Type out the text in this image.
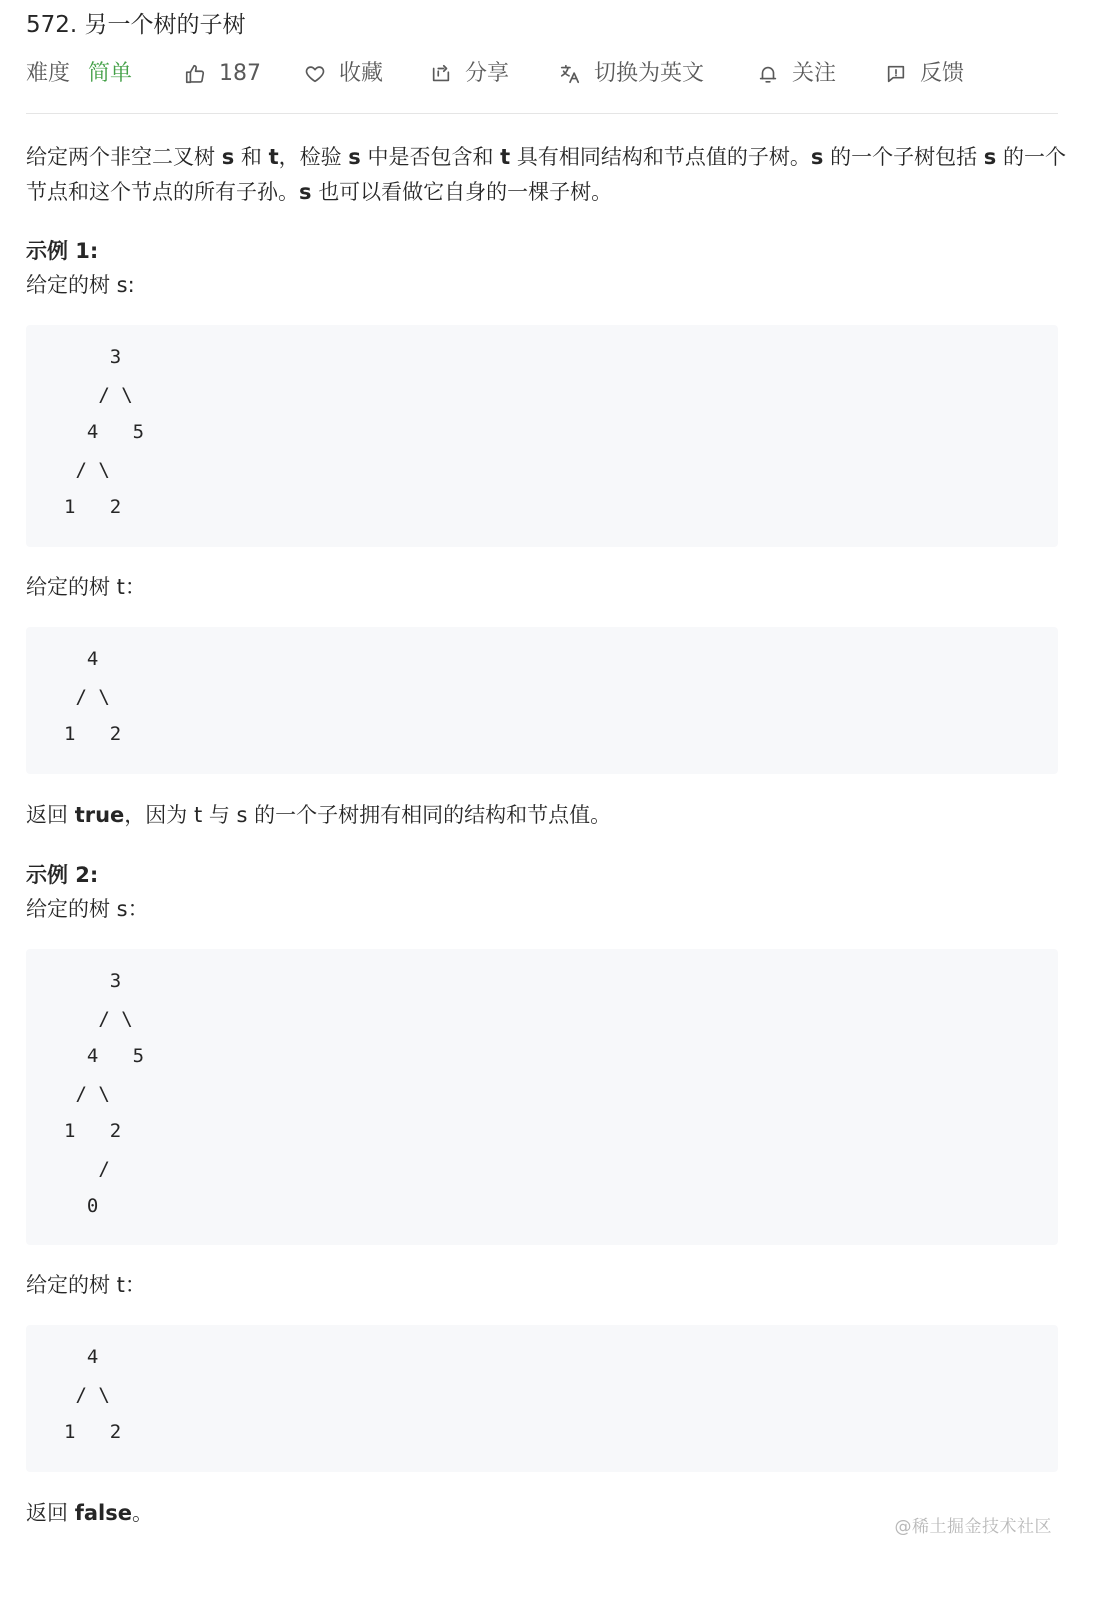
572. 另一个树的子树
难度 简单	187	收藏	分享	切换为英文	关注	反馈

给定两个非空二叉树 s 和 t，检验 s 中是否包含和 t 具有相同结构和节点值的子树。s 的一个子树包括 s 的一个节点和这个节点的所有子孙。s 也可以看做它自身的一棵子树。

示例 1:

给定的树 s:

3
/ \
4   5
/ \
1   2

给定的树 t：

4
/ \
1   2

返回 true，因为 t 与 s 的一个子树拥有相同的结构和节点值。

示例 2:

给定的树 s：

3
/ \
4   5
/ \
1   2
/
0

给定的树 t：

4
/ \
1   2

返回 false。

@稀土掘金技术社区
